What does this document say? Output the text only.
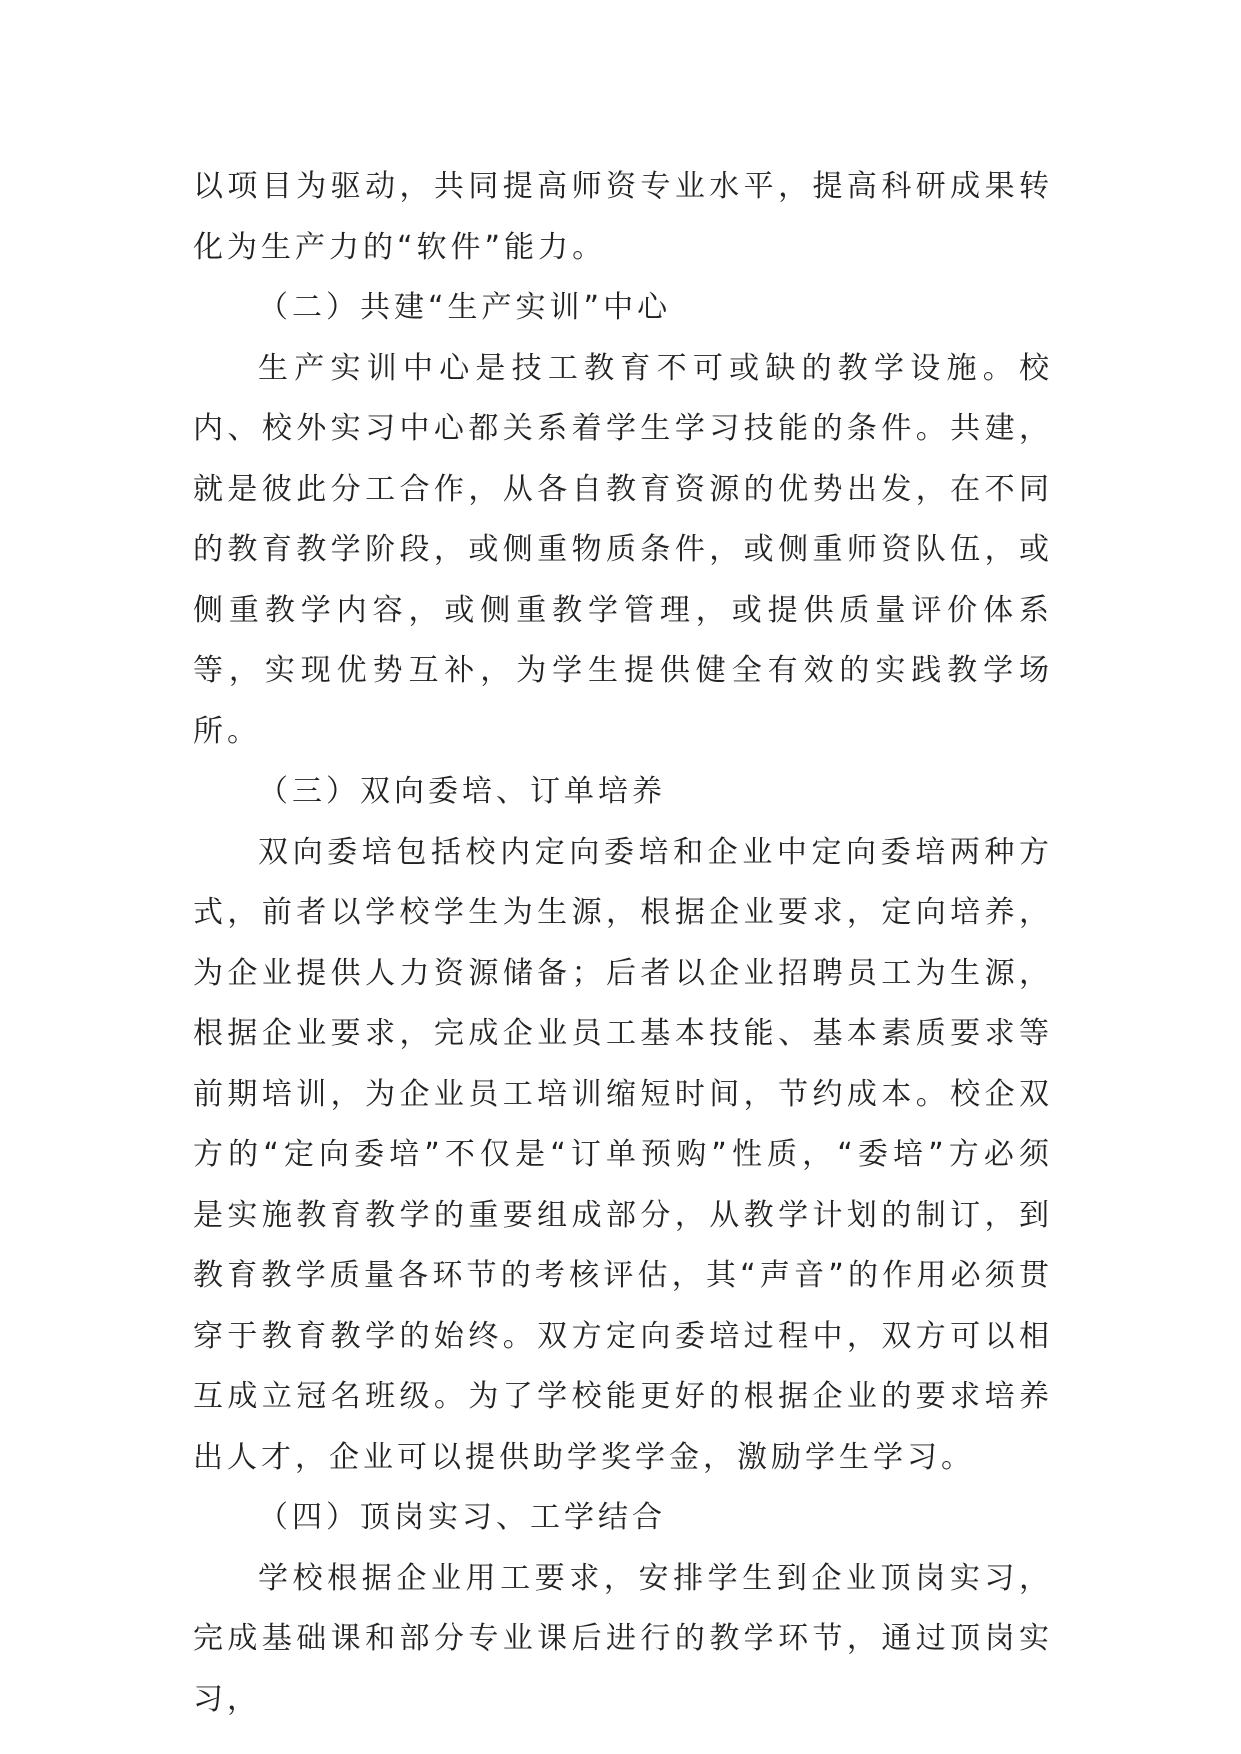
以项目为驱动，共同提高师资专业水平，提高科研成果转化为生产力的“软件”能力。

（二）共建“生产实训”中心

生产实训中心是技工教育不可或缺的教学设施。校内、校外实习中心都关系着学生学习技能的条件。共建，就是彼此分工合作，从各自教育资源的优势出发，在不同的教育教学阶段，或侧重物质条件，或侧重师资队伍，或侧重教学内容，或侧重教学管理，或提供质量评价体系等，实现优势互补，为学生提供健全有效的实践教学场所。

（三）双向委培、订单培养

双向委培包括校内定向委培和企业中定向委培两种方式，前者以学校学生为生源，根据企业要求，定向培养，为企业提供人力资源储备；后者以企业招聘员工为生源，根据企业要求，完成企业员工基本技能、基本素质要求等前期培训，为企业员工培训缩短时间，节约成本。校企双方的“定向委培”不仅是“订单预购”性质，“委培”方必须是实施教育教学的重要组成部分，从教学计划的制订，到教育教学质量各环节的考核评估，其“声音”的作用必须贯穿于教育教学的始终。双方定向委培过程中，双方可以相互成立冠名班级。为了学校能更好的根据企业的要求培养出人才，企业可以提供助学奖学金，激励学生学习。

（四）顶岗实习、工学结合

学校根据企业用工要求，安排学生到企业顶岗实习，完成基础课和部分专业课后进行的教学环节，通过顶岗实习，
